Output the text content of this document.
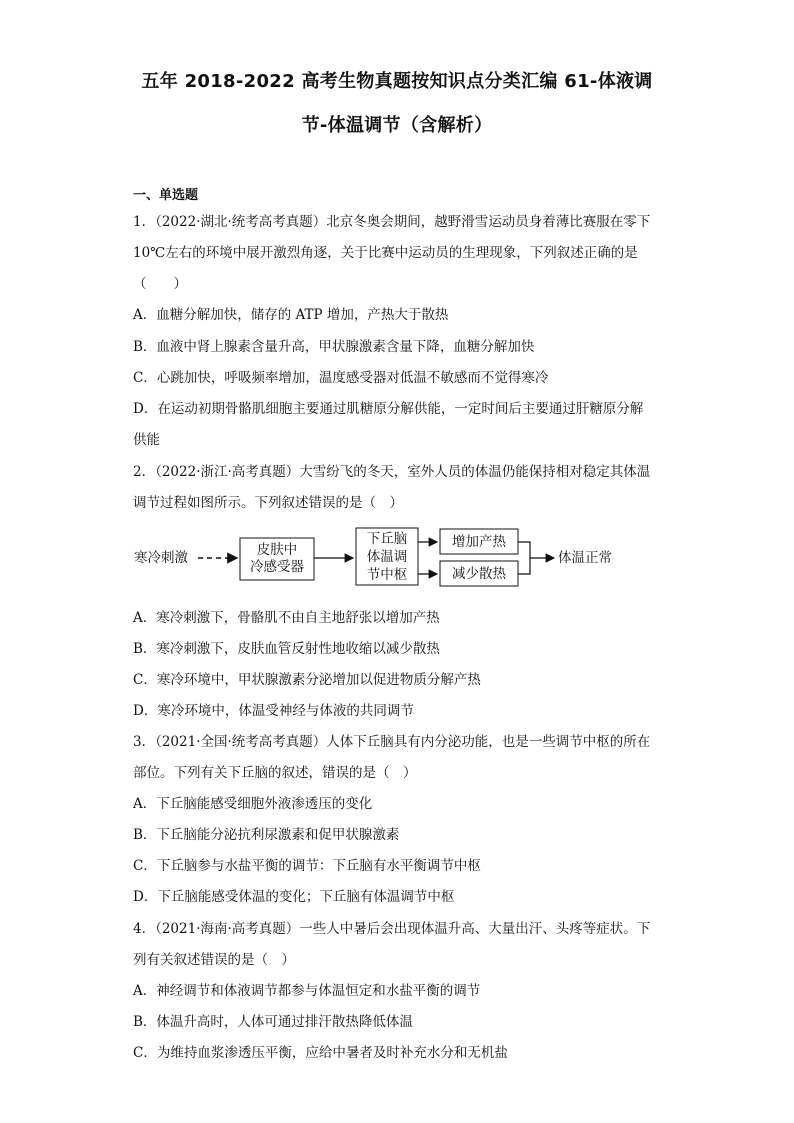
五年 2018-2022 高考生物真题按知识点分类汇编 61-体液调
节-体温调节（含解析）
一、单选题
1．（2022·湖北·统考高考真题）北京冬奥会期间，越野滑雪运动员身着薄比赛服在零下
10℃左右的环境中展开激烈角逐，关于比赛中运动员的生理现象，下列叙述正确的是
（　　）
A．血糖分解加快，储存的 ATP 增加，产热大于散热
B．血液中肾上腺素含量升高，甲状腺激素含量下降，血糖分解加快
C．心跳加快，呼吸频率增加，温度感受器对低温不敏感而不觉得寒冷
D．在运动初期骨骼肌细胞主要通过肌糖原分解供能，一定时间后主要通过肝糖原分解
供能
2．（2022·浙江·高考真题）大雪纷飞的冬天，室外人员的体温仍能保持相对稳定其体温
调节过程如图所示。下列叙述错误的是（　）
寒冷刺激	皮肤中
冷感受器
下丘脑
体温调
节中枢
增加产热
减少散热
体温正常
A．寒冷刺激下，骨骼肌不由自主地舒张以增加产热
B．寒冷刺激下，皮肤血管反射性地收缩以减少散热
C．寒冷环境中，甲状腺激素分泌增加以促进物质分解产热
D．寒冷环境中，体温受神经与体液的共同调节
3．（2021·全国·统考高考真题）人体下丘脑具有内分泌功能，也是一些调节中枢的所在
部位。下列有关下丘脑的叙述，错误的是（　）
A．下丘脑能感受细胞外液渗透压的变化
B．下丘脑能分泌抗利尿激素和促甲状腺激素
C．下丘脑参与水盐平衡的调节：下丘脑有水平衡调节中枢
D．下丘脑能感受体温的变化；下丘脑有体温调节中枢
4．（2021·海南·高考真题）一些人中暑后会出现体温升高、大量出汗、头疼等症状。下
列有关叙述错误的是（　）
A．神经调节和体液调节都参与体温恒定和水盐平衡的调节
B．体温升高时，人体可通过排汗散热降低体温
C．为维持血浆渗透压平衡，应给中暑者及时补充水分和无机盐
